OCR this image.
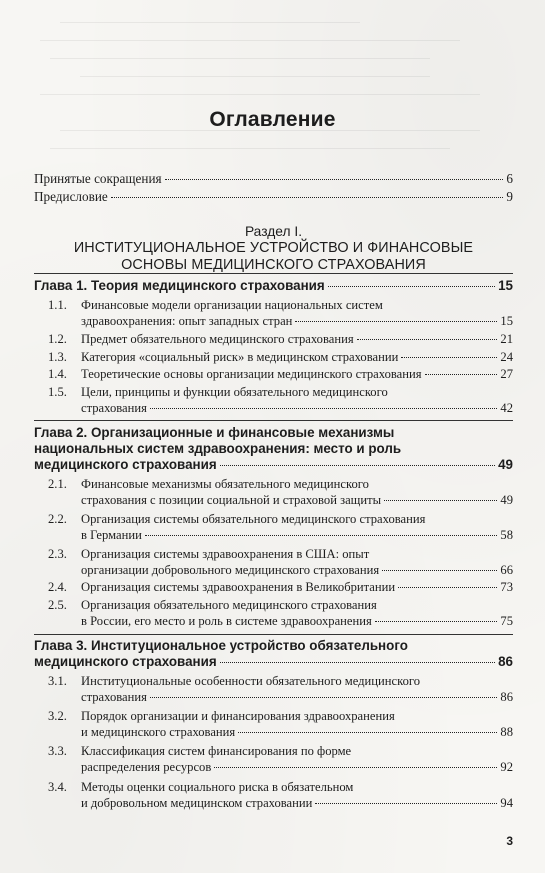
Оглавление
Принятые сокращения	6
Предисловие	9
Раздел I.
ИНСТИТУЦИОНАЛЬНОЕ УСТРОЙСТВО И ФИНАНСОВЫЕ
ОСНОВЫ МЕДИЦИНСКОГО СТРАХОВАНИЯ
Глава 1. Теория медицинского страхования	15
1.1.	Финансовые модели организации национальных систем
здравоохранения: опыт западных стран	15
1.2.	Предмет обязательного медицинского страхования	21
1.3.	Категория «социальный риск» в медицинском страховании	24
1.4.	Теоретические основы организации медицинского страхования	27
1.5.	Цели, принципы и функции обязательного медицинского
страхования	42
Глава 2. Организационные и финансовые механизмы
национальных систем здравоохранения: место и роль
медицинского страхования	49
2.1.	Финансовые механизмы обязательного медицинского
страхования с позиции социальной и страховой защиты	49
2.2.	Организация системы обязательного медицинского страхования
в Германии	58
2.3.	Организация системы здравоохранения в США: опыт
организации добровольного медицинского страхования	66
2.4.	Организация системы здравоохранения в Великобритании	73
2.5.	Организация обязательного медицинского страхования
в России, его место и роль в системе здравоохранения	75
Глава 3. Институциональное устройство обязательного
медицинского страхования	86
3.1.	Институциональные особенности обязательного медицинского
страхования	86
3.2.	Порядок организации и финансирования здравоохранения
и медицинского страхования	88
3.3.	Классификация систем финансирования по форме
распределения ресурсов	92
3.4.	Методы оценки социального риска в обязательном
и добровольном медицинском страховании	94
3
